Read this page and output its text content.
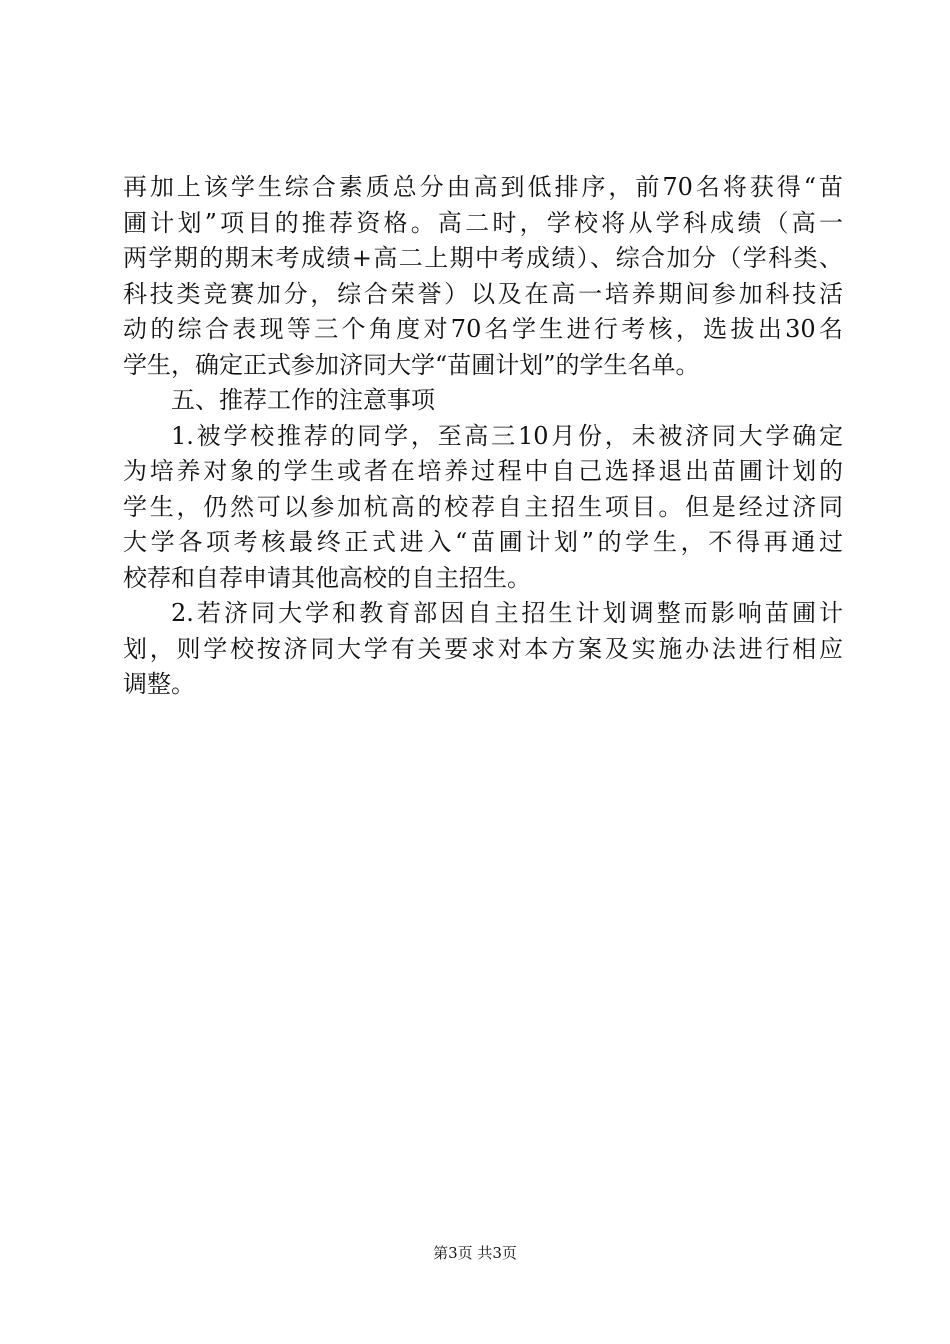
再加上该学生综合素质总分由高到低排序，前70名将获得“苗
圃计划”项目的推荐资格。高二时，学校将从学科成绩（高一
两学期的期末考成绩+高二上期中考成绩）、综合加分（学科类、
科技类竞赛加分，综合荣誉）以及在高一培养期间参加科技活
动的综合表现等三个角度对70名学生进行考核，选拔出30名
学生，确定正式参加济同大学“苗圃计划”的学生名单。
五、推荐工作的注意事项
1.被学校推荐的同学，至高三10月份，未被济同大学确定
为培养对象的学生或者在培养过程中自己选择退出苗圃计划的
学生，仍然可以参加杭高的校荐自主招生项目。但是经过济同
大学各项考核最终正式进入“苗圃计划”的学生，不得再通过
校荐和自荐申请其他高校的自主招生。
2.若济同大学和教育部因自主招生计划调整而影响苗圃计
划，则学校按济同大学有关要求对本方案及实施办法进行相应
调整。
第3页 共3页
